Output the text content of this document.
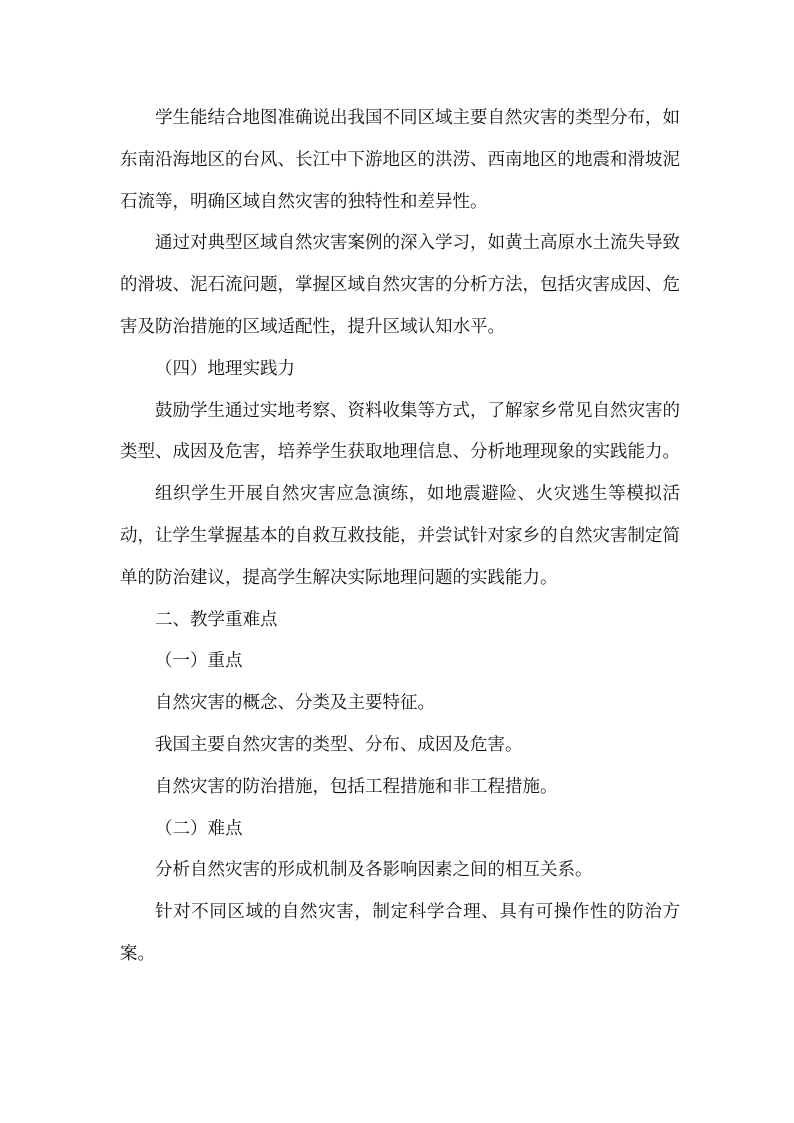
学生能结合地图准确说出我国不同区域主要自然灾害的类型分布，如东南沿海地区的台风、长江中下游地区的洪涝、西南地区的地震和滑坡泥石流等，明确区域自然灾害的独特性和差异性。

通过对典型区域自然灾害案例的深入学习，如黄土高原水土流失导致的滑坡、泥石流问题，掌握区域自然灾害的分析方法，包括灾害成因、危害及防治措施的区域适配性，提升区域认知水平。

（四）地理实践力

鼓励学生通过实地考察、资料收集等方式，了解家乡常见自然灾害的类型、成因及危害，培养学生获取地理信息、分析地理现象的实践能力。

组织学生开展自然灾害应急演练，如地震避险、火灾逃生等模拟活动，让学生掌握基本的自救互救技能，并尝试针对家乡的自然灾害制定简单的防治建议，提高学生解决实际地理问题的实践能力。

二、教学重难点

（一）重点

自然灾害的概念、分类及主要特征。

我国主要自然灾害的类型、分布、成因及危害。

自然灾害的防治措施，包括工程措施和非工程措施。

（二）难点

分析自然灾害的形成机制及各影响因素之间的相互关系。

针对不同区域的自然灾害，制定科学合理、具有可操作性的防治方案。
